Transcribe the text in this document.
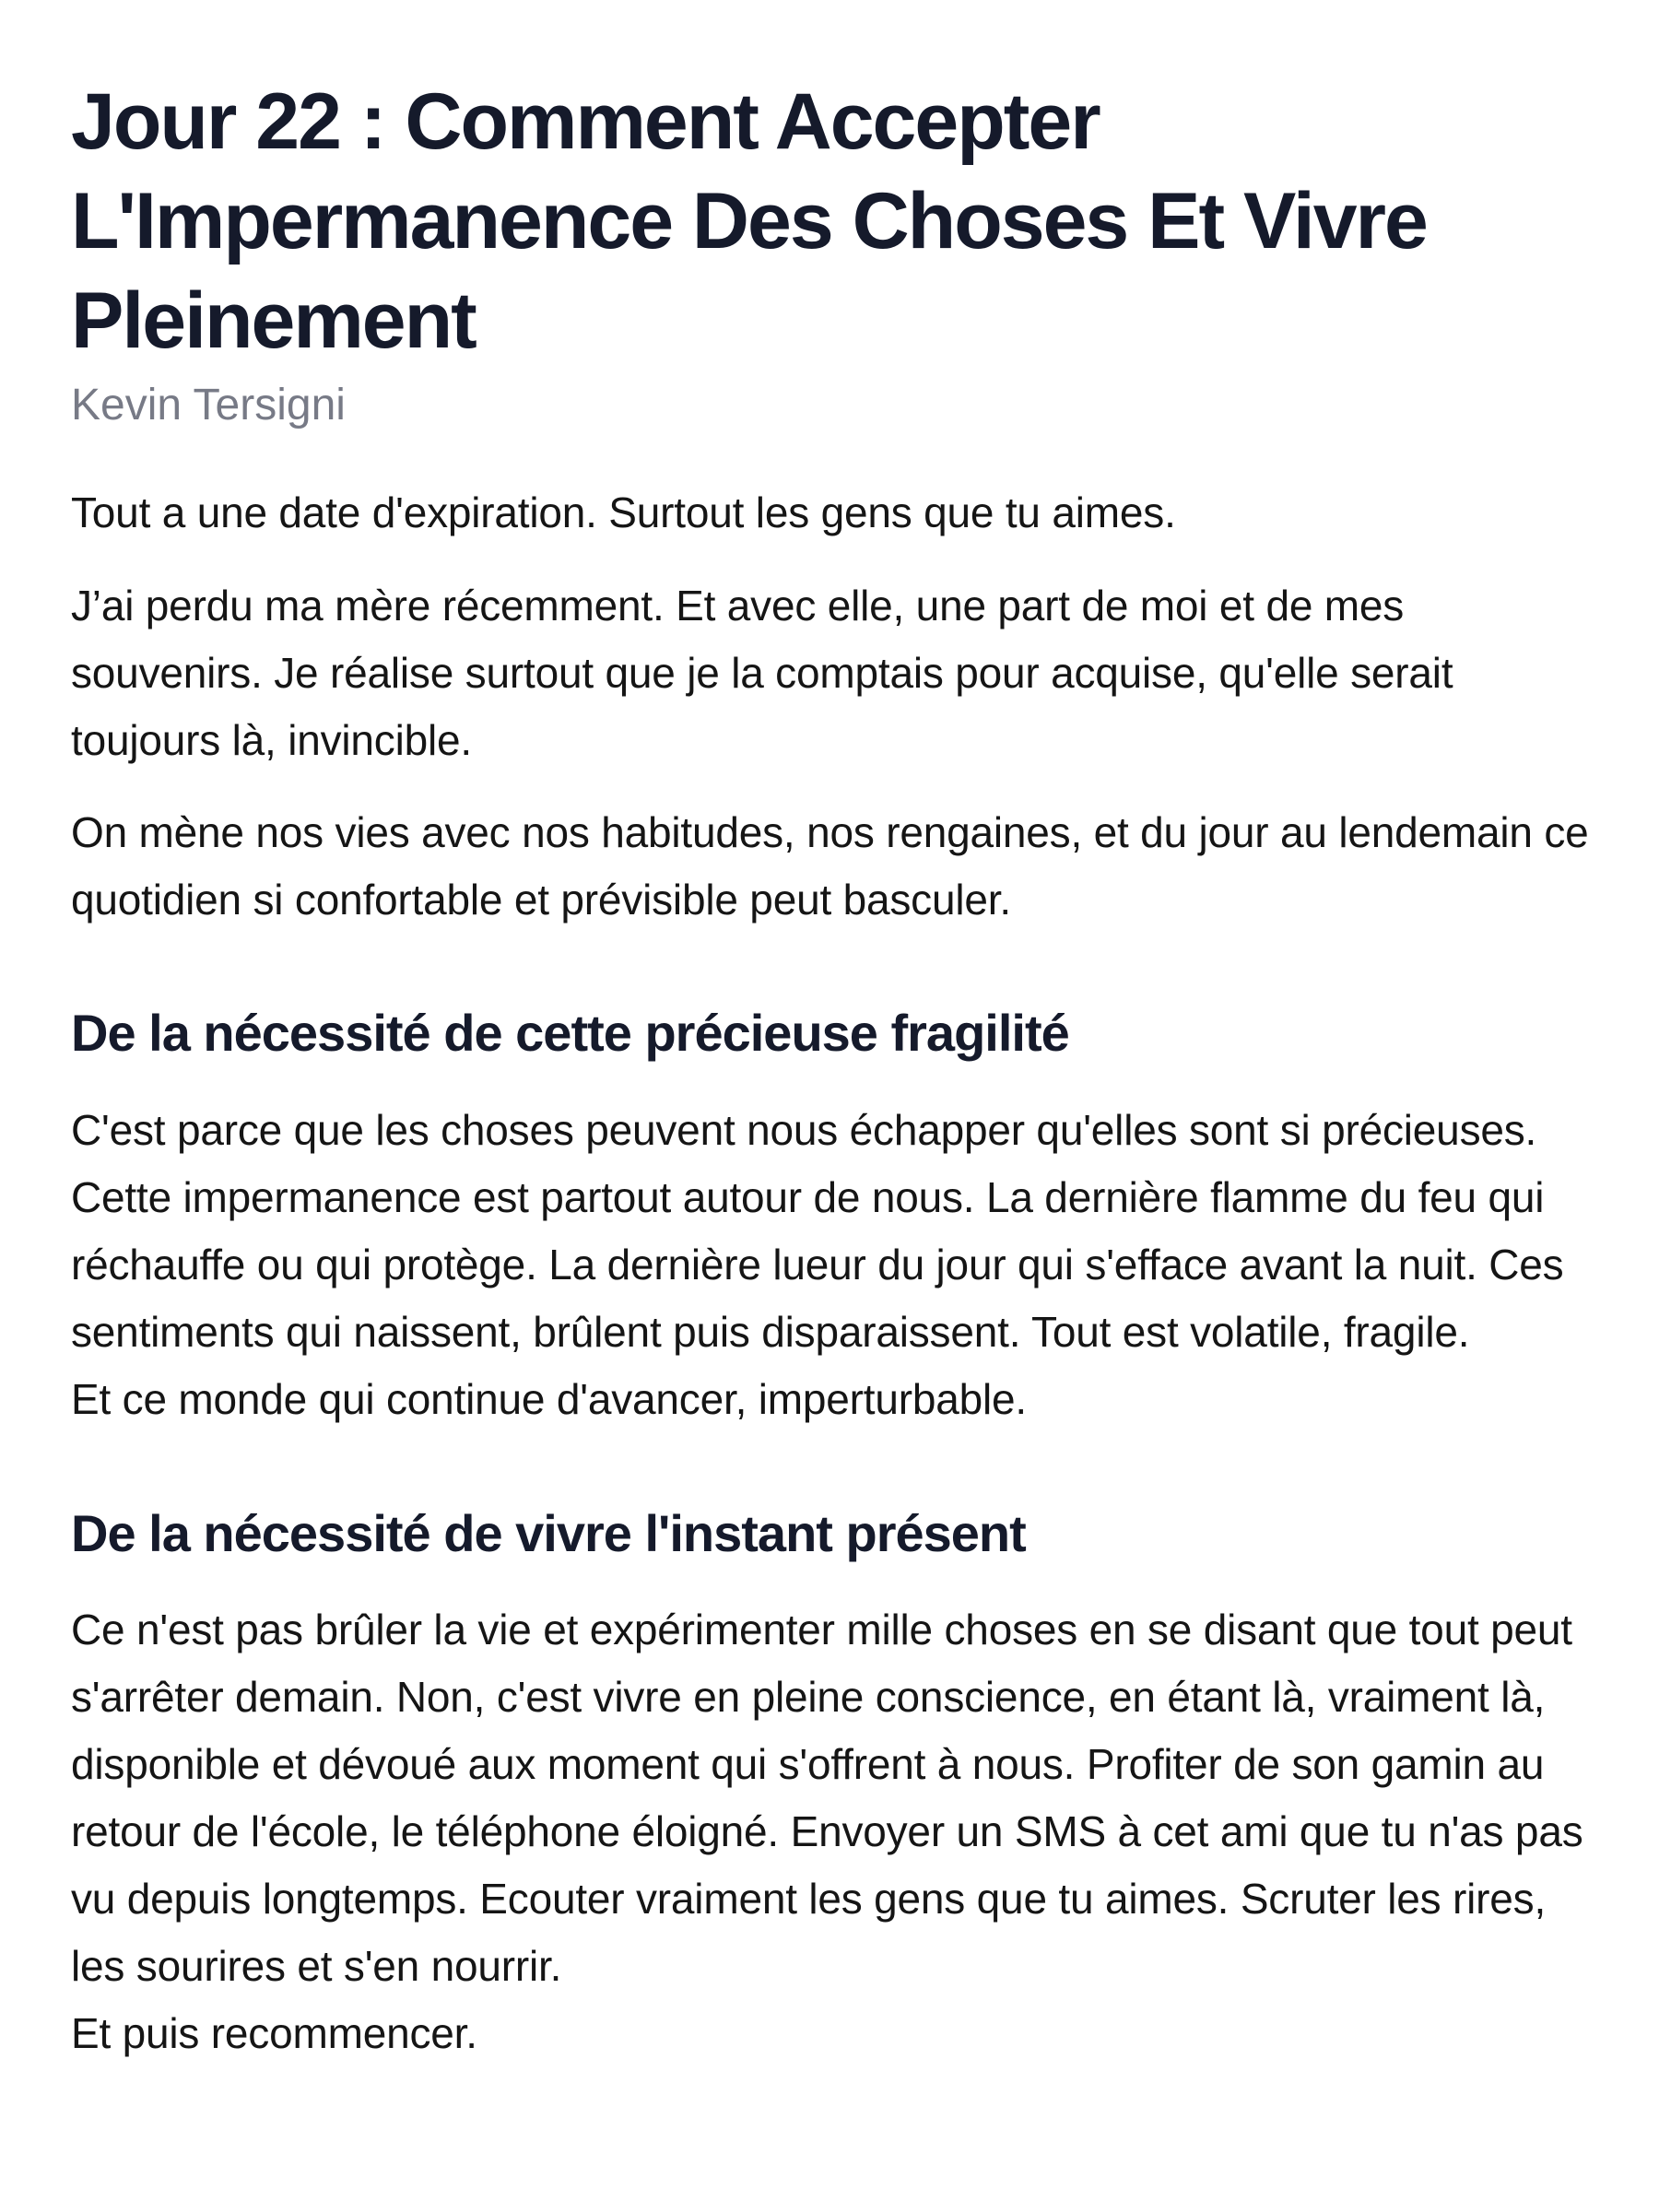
Jour 22 : Comment Accepter L'Impermanence Des Choses Et Vivre Pleinement
Kevin Tersigni

Tout a une date d'expiration. Surtout les gens que tu aimes.

J’ai perdu ma mère récemment. Et avec elle, une part de moi et de mes souvenirs. Je réalise surtout que je la comptais pour acquise, qu'elle serait toujours là, invincible.

On mène nos vies avec nos habitudes, nos rengaines, et du jour au lendemain ce quotidien si confortable et prévisible peut basculer.

De la nécessité de cette précieuse fragilité

C'est parce que les choses peuvent nous échapper qu'elles sont si précieuses. Cette impermanence est partout autour de nous. La dernière flamme du feu qui réchauffe ou qui protège. La dernière lueur du jour qui s'efface avant la nuit. Ces sentiments qui naissent, brûlent puis disparaissent. Tout est volatile, fragile.
Et ce monde qui continue d'avancer, imperturbable.

De la nécessité de vivre l'instant présent

Ce n'est pas brûler la vie et expérimenter mille choses en se disant que tout peut s'arrêter demain. Non, c'est vivre en pleine conscience, en étant là, vraiment là, disponible et dévoué aux moment qui s'offrent à nous. Profiter de son gamin au retour de l'école, le téléphone éloigné. Envoyer un SMS à cet ami que tu n'as pas vu depuis longtemps. Ecouter vraiment les gens que tu aimes. Scruter les rires, les sourires et s'en nourrir.
Et puis recommencer.
